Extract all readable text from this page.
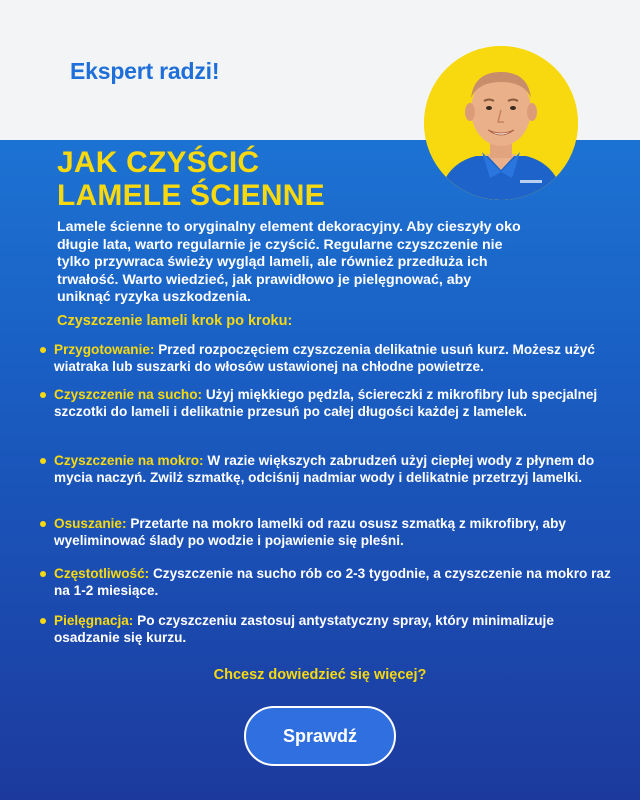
Ekspert radzi!
JAK CZYŚCIĆ
LAMELE ŚCIENNE

Lamele ścienne to oryginalny element dekoracyjny. Aby cieszyły oko długie lata, warto regularnie je czyścić. Regularne czyszczenie nie tylko przywraca świeży wygląd lameli, ale również przedłuża ich trwałość. Warto wiedzieć, jak prawidłowo je pielęgnować, aby uniknąć ryzyka uszkodzenia.

Czyszczenie lameli krok po kroku:
Przygotowanie: Przed rozpoczęciem czyszczenia delikatnie usuń kurz. Możesz użyć wiatraka lub suszarki do włosów ustawionej na chłodne powietrze.
Czyszczenie na sucho: Użyj miękkiego pędzla, ściereczki z mikrofibry lub specjalnej szczotki do lameli i delikatnie przesuń po całej długości każdej z lamelek.
Czyszczenie na mokro: W razie większych zabrudzeń użyj ciepłej wody z płynem do mycia naczyń. Zwilż szmatkę, odciśnij nadmiar wody i delikatnie przetrzyj lamelki.
Osuszanie: Przetarte na mokro lamelki od razu osusz szmatką z mikrofibry, aby wyeliminować ślady po wodzie i pojawienie się pleśni.
Częstotliwość: Czyszczenie na sucho rób co 2-3 tygodnie, a czyszczenie na mokro raz na 1-2 miesiące.
Pielęgnacja: Po czyszczeniu zastosuj antystatyczny spray, który minimalizuje osadzanie się kurzu.
Chcesz dowiedzieć się więcej?
Sprawdź
